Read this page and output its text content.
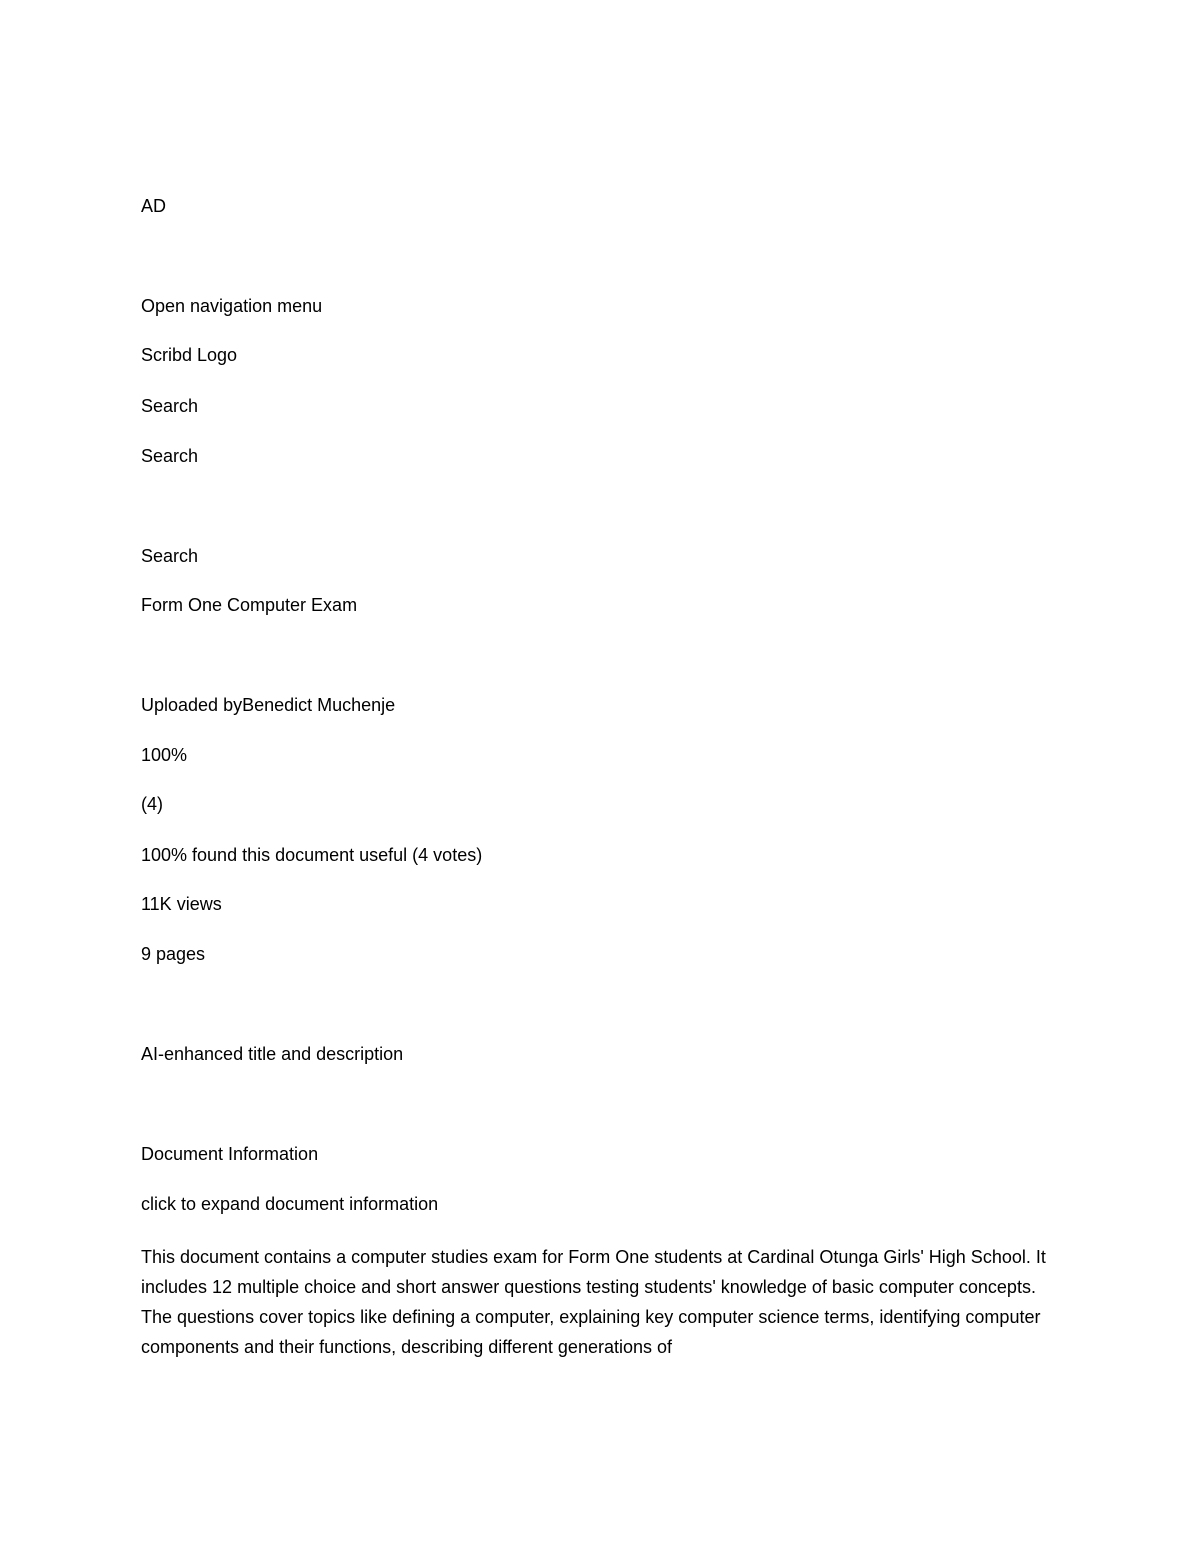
AD
Open navigation menu
Scribd Logo
Search
Search
Search
Form One Computer Exam
Uploaded byBenedict Muchenje
100%
(4)
100% found this document useful (4 votes)
11K views
9 pages
AI-enhanced title and description
Document Information
click to expand document information
This document contains a computer studies exam for Form One students at Cardinal Otunga Girls' High School. It includes 12 multiple choice and short answer questions testing students' knowledge of basic computer concepts. The questions cover topics like defining a computer, explaining key computer science terms, identifying computer components and their functions, describing different generations of
